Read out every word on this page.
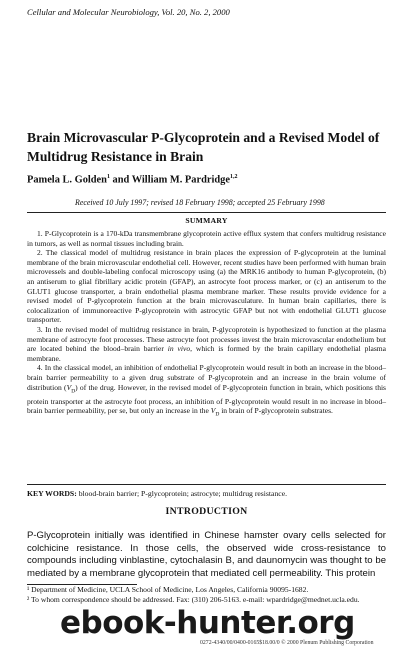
Cellular and Molecular Neurobiology, Vol. 20, No. 2, 2000
Brain Microvascular P-Glycoprotein and a Revised Model of Multidrug Resistance in Brain
Pamela L. Golden$^1$ and William M. Pardridge$^{1,2}$
Received 10 July 1997; revised 18 February 1998; accepted 25 February 1998
SUMMARY

1. P-Glycoprotein is a 170-kDa transmembrane glycoprotein active efflux system that confers multidrug resistance in tumors, as well as normal tissues including brain.

2. The classical model of multidrug resistance in brain places the expression of P-glycoprotein at the luminal membrane of the brain microvascular endothelial cell. However, recent studies have been performed with human brain microvessels and double-labeling confocal microscopy using (a) the MRK16 antibody to human P-glycoprotein, (b) an antiserum to glial fibrillary acidic protein (GFAP), an astrocyte foot process marker, or (c) an antiserum to the GLUT1 glucose transporter, a brain endothelial plasma membrane marker. These results provide evidence for a revised model of P-glycoprotein function at the brain microvasculature. In human brain capillaries, there is colocalization of immunoreactive P-glycoprotein with astrocytic GFAP but not with endothelial GLUT1 glucose transporter.

3. In the revised model of multidrug resistance in brain, P-glycoprotein is hypothesized to function at the plasma membrane of astrocyte foot processes. These astrocyte foot processes invest the brain microvascular endothelium but are located behind the blood–brain barrier in vivo, which is formed by the brain capillary endothelial plasma membrane.

4. In the classical model, an inhibition of endothelial P-glycoprotein would result in both an increase in the blood–brain barrier permeability to a given drug substrate of P-glycoprotein and an increase in the brain volume of distribution $(V_D)$ of the drug. However, in the revised model of P-glycoprotein function in brain, which positions this protein transporter at the astrocyte foot process, an inhibition of P-glycoprotein would result in no increase in blood–brain barrier permeability, per se, but only an increase in the $V_D$ in brain of P-glycoprotein substrates.

KEY WORDS: blood-brain barrier; P-glycoprotein; astrocyte; multidrug resistance.
INTRODUCTION

P-Glycoprotein initially was identified in Chinese hamster ovary cells selected for colchicine resistance. In those cells, the observed wide cross-resistance to compounds including vinblastine, cytochalasin B, and daunomycin was thought to be mediated by a membrane glycoprotein that mediated cell permeability. This protein

¹ Department of Medicine, UCLA School of Medicine, Los Angeles, California 90095-1682.

² To whom correspondence should be addressed. Fax: (310) 206-5163. e-mail: wpardridge@mednet.ucla.edu.

ebook-hunter.org
0272-4340/00/0400-0165$18.00/0 © 2000 Plenum Publishing Corporation
